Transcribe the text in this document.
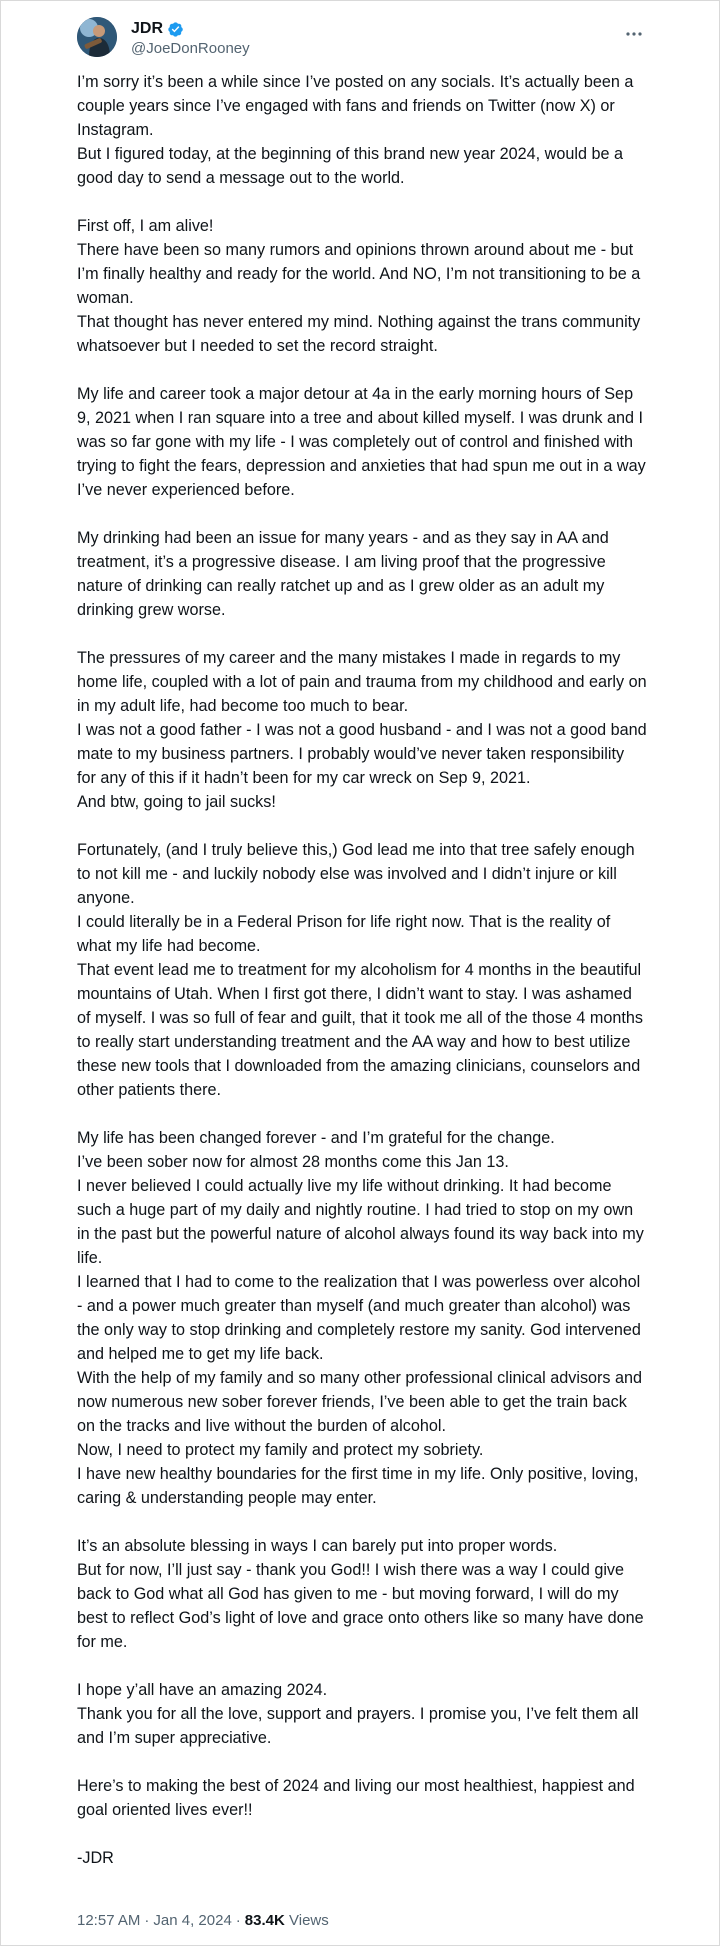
JDR
@JoeDonRooney
I’m sorry it’s been a while since I’ve posted on any socials. It’s actually been a couple years since I’ve engaged with fans and friends on Twitter (now X) or Instagram.
But I figured today, at the beginning of this brand new year 2024, would be a good day to send a message out to the world.

First off, I am alive!
There have been so many rumors and opinions thrown around about me - but I’m finally healthy and ready for the world. And NO, I’m not transitioning to be a woman.
That thought has never entered my mind. Nothing against the trans community whatsoever but I needed to set the record straight.

My life and career took a major detour at 4a in the early morning hours of Sep 9, 2021 when I ran square into a tree and about killed myself. I was drunk and I was so far gone with my life - I was completely out of control and finished with trying to fight the fears, depression and anxieties that had spun me out in a way I’ve never experienced before.

My drinking had been an issue for many years - and as they say in AA and treatment, it’s a progressive disease. I am living proof that the progressive nature of drinking can really ratchet up and as I grew older as an adult my drinking grew worse.

The pressures of my career and the many mistakes I made in regards to my home life, coupled with a lot of pain and trauma from my childhood and early on in my adult life, had become too much to bear.
I was not a good father - I was not a good husband - and I was not a good band mate to my business partners. I probably would’ve never taken responsibility for any of this if it hadn’t been for my car wreck on Sep 9, 2021.
And btw, going to jail sucks!

Fortunately, (and I truly believe this,) God lead me into that tree safely enough to not kill me - and luckily nobody else was involved and I didn’t injure or kill anyone.
I could literally be in a Federal Prison for life right now. That is the reality of what my life had become.
That event lead me to treatment for my alcoholism for 4 months in the beautiful mountains of Utah. When I first got there, I didn’t want to stay. I was ashamed of myself. I was so full of fear and guilt, that it took me all of the those 4 months to really start understanding treatment and the AA way and how to best utilize these new tools that I downloaded from the amazing clinicians, counselors and other patients there.

My life has been changed forever - and I’m grateful for the change.
I’ve been sober now for almost 28 months come this Jan 13.
I never believed I could actually live my life without drinking. It had become such a huge part of my daily and nightly routine. I had tried to stop on my own in the past but the powerful nature of alcohol always found its way back into my life.
I learned that I had to come to the realization that I was powerless over alcohol - and a power much greater than myself (and much greater than alcohol) was the only way to stop drinking and completely restore my sanity. God intervened and helped me to get my life back.
With the help of my family and so many other professional clinical advisors and now numerous new sober forever friends, I’ve been able to get the train back on the tracks and live without the burden of alcohol.
Now, I need to protect my family and protect my sobriety.
I have new healthy boundaries for the first time in my life. Only positive, loving, caring & understanding people may enter.

It’s an absolute blessing in ways I can barely put into proper words.
But for now, I’ll just say - thank you God!! I wish there was a way I could give back to God what all God has given to me - but moving forward, I will do my best to reflect God’s light of love and grace onto others like so many have done for me.

I hope y’all have an amazing 2024.
Thank you for all the love, support and prayers. I promise you, I’ve felt them all and I’m super appreciative.

Here’s to making the best of 2024 and living our most healthiest, happiest and goal oriented lives ever!!

-JDR
12:57 AM · Jan 4, 2024 · 83.4K
Views
